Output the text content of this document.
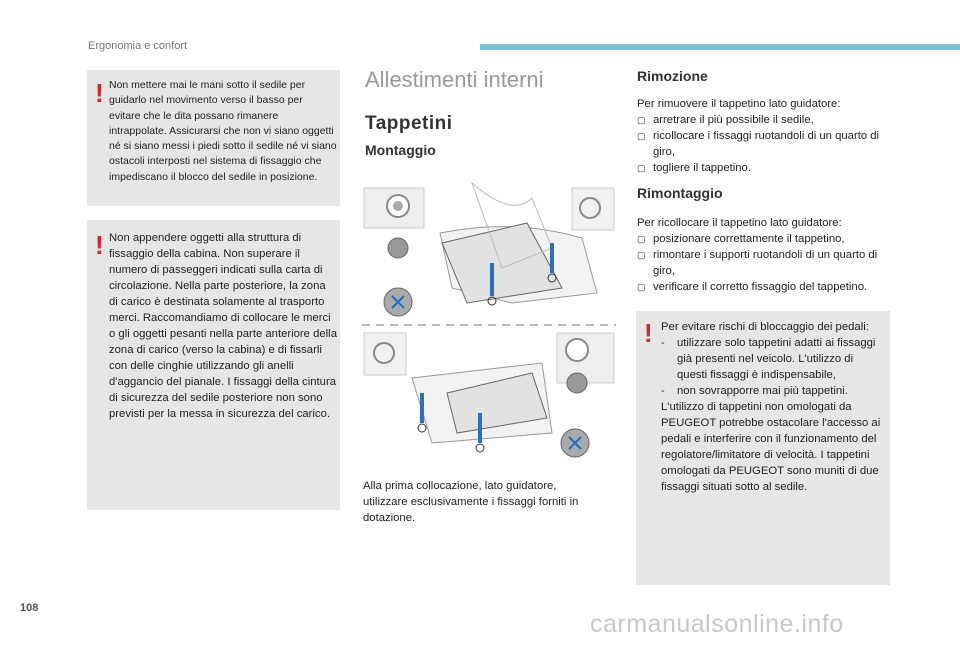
Ergonomia e confort
! Non mettere mai le mani sotto il sedile per guidarlo nel movimento verso il basso per evitare che le dita possano rimanere intrappolate. Assicurarsi che non vi siano oggetti né si siano messi i piedi sotto il sedile né vi siano ostacoli interposti nel sistema di fissaggio che impediscano il blocco del sedile in posizione.

! Non appendere oggetti alla struttura di fissaggio della cabina. Non superare il numero di passeggeri indicati sulla carta di circolazione. Nella parte posteriore, la zona di carico è destinata solamente al trasporto merci. Raccomandiamo di collocare le merci o gli oggetti pesanti nella parte anteriore della zona di carico (verso la cabina) e di fissarli con delle cinghie utilizzando gli anelli d'aggancio del pianale. I fissaggi della cintura di sicurezza del sedile posteriore non sono previsti per la messa in sicurezza del carico.

Allestimenti interni
Tappetini
Montaggio

Alla prima collocazione, lato guidatore, utilizzare esclusivamente i fissaggi forniti in dotazione.

Rimozione

Per rimuovere il tappetino lato guidatore:

▢ arretrare il più possibile il sedile,
▢ ricollocare i fissaggi ruotandoli di un quarto di giro,
▢ togliere il tappetino.
Rimontaggio

Per ricollocare il tappetino lato guidatore:

▢ posizionare correttamente il tappetino,
▢ rimontare i supporti ruotandoli di un quarto di giro,
▢ verificare il corretto fissaggio del tappetino.
! Per evitare rischi di bloccaggio dei pedali:

- utilizzare solo tappetini adatti ai fissaggi già presenti nel veicolo. L'utilizzo di questi fissaggi è indispensabile,
- non sovrapporre mai più tappetini.

L'utilizzo di tappetini non omologati da PEUGEOT potrebbe ostacolare l'accesso ai pedali e interferire con il funzionamento del regolatore/limitatore di velocità. I tappetini omologati da PEUGEOT sono muniti di due fissaggi situati sotto al sedile.

108
carmanualsonline.info
